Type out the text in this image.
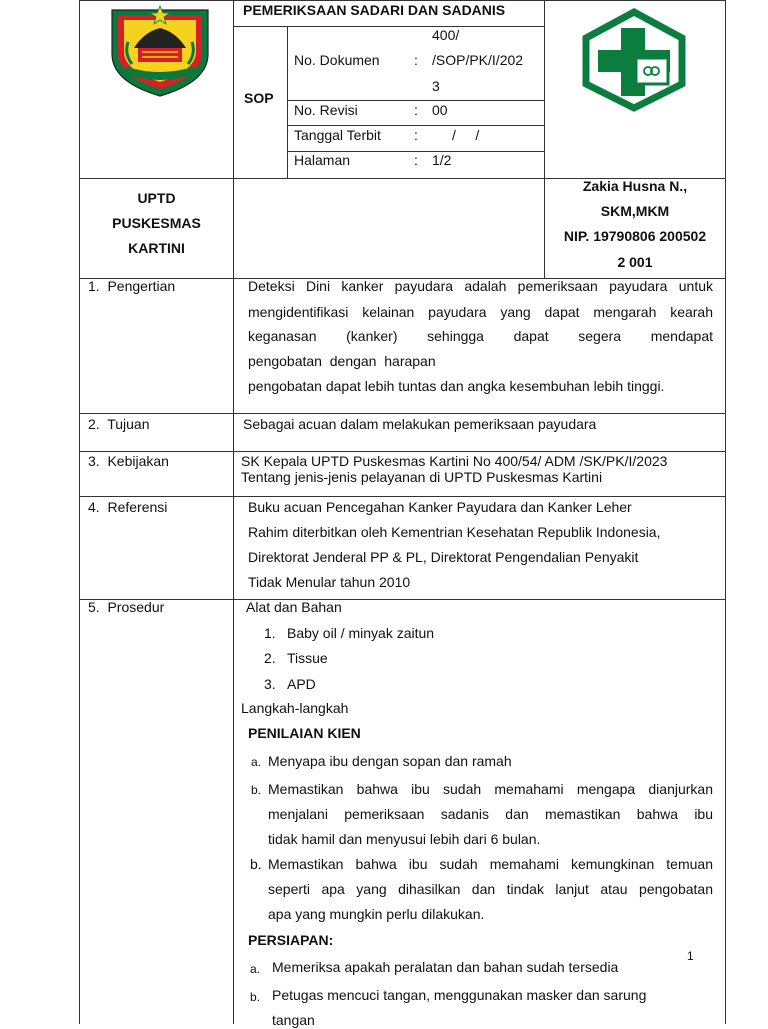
PEMERIKSAAN SADARI DAN SADANIS
SOP
No. Dokumen :
400/
/SOP/PK/I/202
3
No. Revisi	: 00
Tanggal Terbit : /     /
Halaman	: 1/2
UPTD
PUSKESMAS
KARTINI
Zakia Husna N.,
SKM,MKM
NIP. 19790806 200502
2 001
1.  Pengertian	Deteksi Dini kanker payudara adalah pemeriksaan payudara untuk
mengidentifikasi kelainan payudara yang dapat mengarah kearah
keganasan  (kanker)  sehingga  dapat  segera  mendapat
pengobatan  dengan  harapan
pengobatan dapat lebih tuntas dan angka kesembuhan lebih tinggi.
2.  Tujuan	Sebagai acuan dalam melakukan pemeriksaan payudara
3.  Kebijakan	SK Kepala UPTD Puskesmas Kartini No 400/54/ ADM /SK/PK/I/2023
Tentang jenis-jenis pelayanan di UPTD Puskesmas Kartini
4.  Referensi	Buku acuan Pencegahan Kanker Payudara dan Kanker Leher
Rahim diterbitkan oleh Kementrian Kesehatan Republik Indonesia,
Direktorat Jenderal PP & PL, Direktorat Pengendalian Penyakit
Tidak Menular tahun 2010
5.  Prosedur	Alat dan Bahan
1. Baby oil / minyak zaitun
2. Tissue
3. APD
Langkah-langkah
PENILAIAN KIEN
a. Menyapa ibu dengan sopan dan ramah
b. Memastikan bahwa ibu sudah memahami mengapa dianjurkan
menjalani pemeriksaan sadanis dan memastikan bahwa ibu
tidak hamil dan menyusui lebih dari 6 bulan.
b. Memastikan bahwa ibu sudah memahami kemungkinan temuan
seperti apa yang dihasilkan dan tindak lanjut atau pengobatan
apa yang mungkin perlu dilakukan.
PERSIAPAN:
a. Memeriksa apakah peralatan dan bahan sudah tersedia
b. Petugas mencuci tangan, menggunakan masker dan sarung
tangan
1
